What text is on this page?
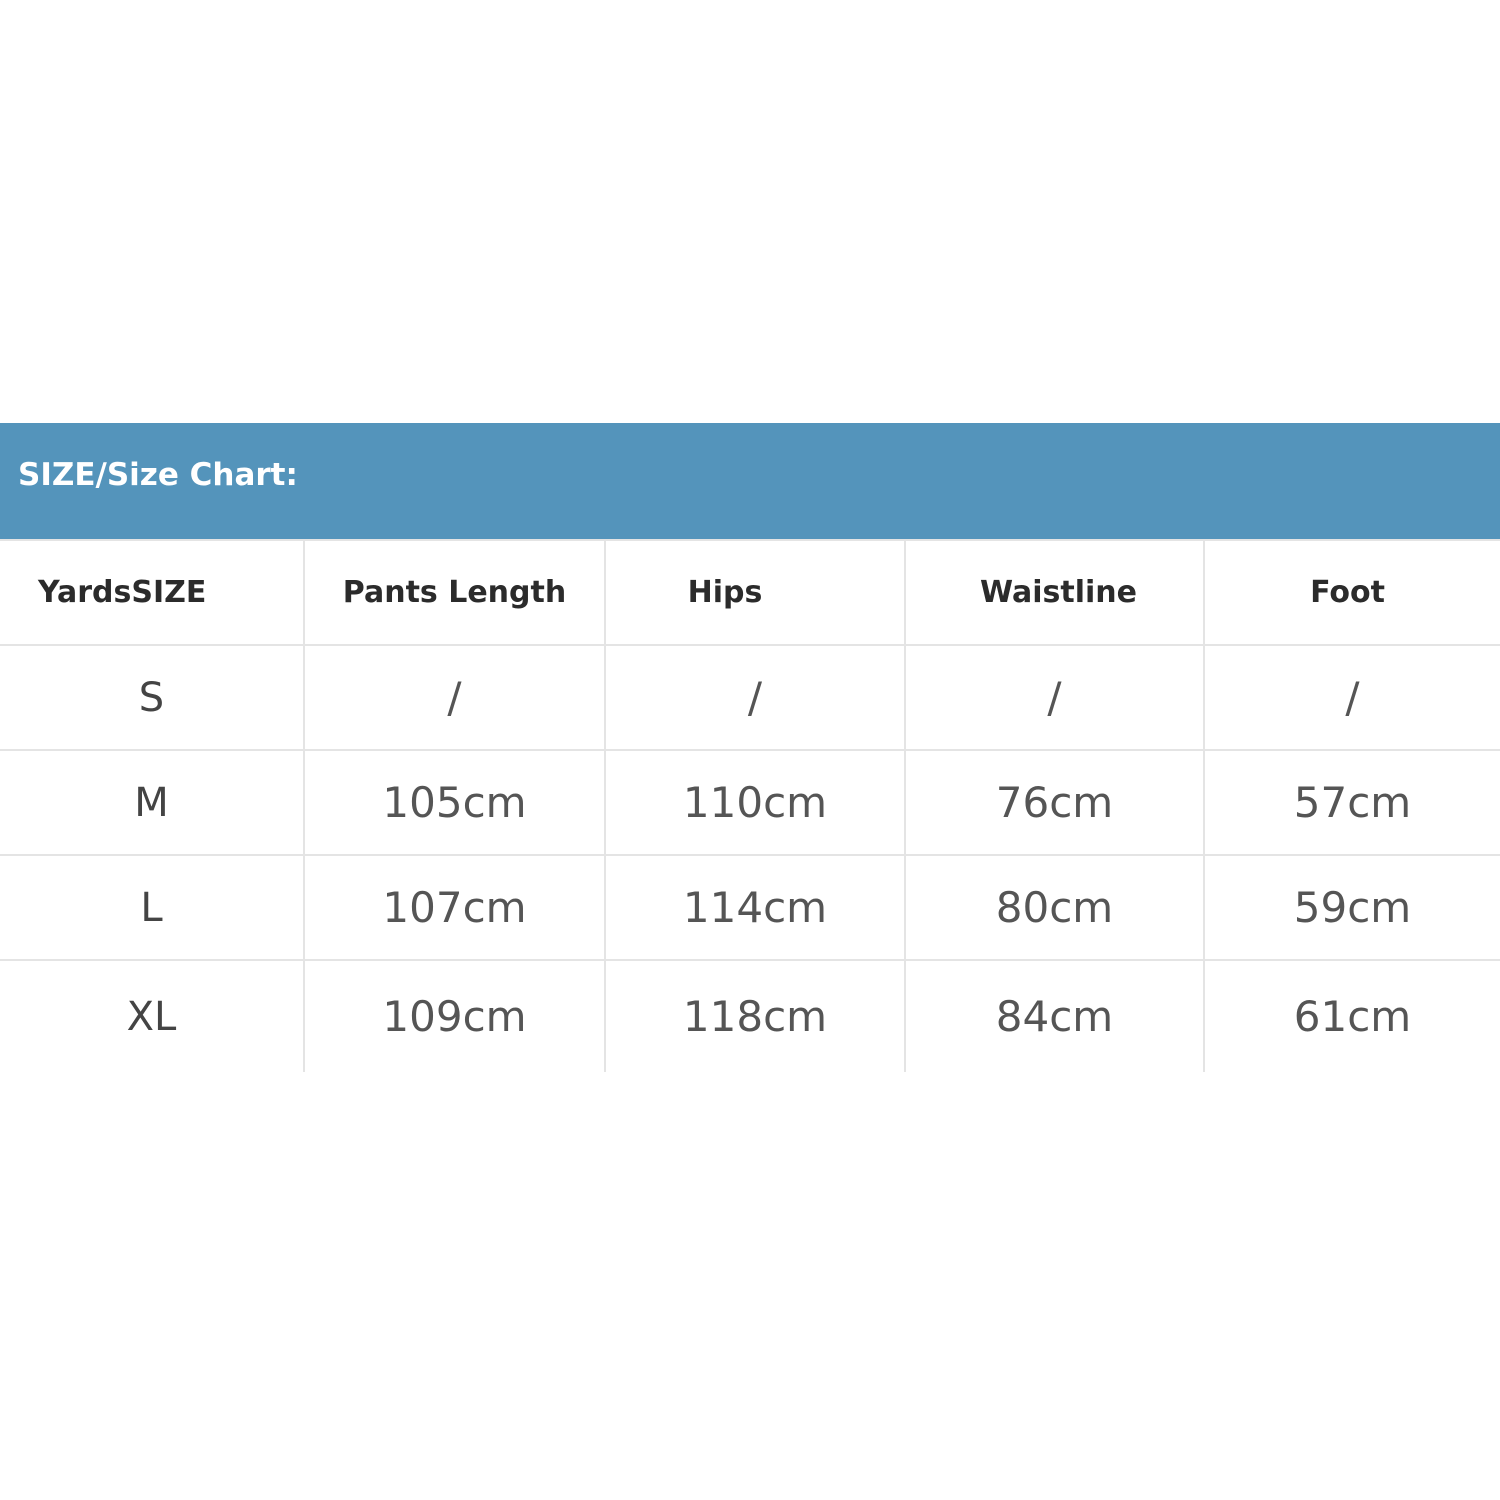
SIZE/Size Chart:
YardsSIZE	Pants Length	Hips	Waistline	Foot
S	/	/	/	/
M	105cm	110cm	76cm	57cm
L	107cm	114cm	80cm	59cm
XL	109cm	118cm	84cm	61cm
